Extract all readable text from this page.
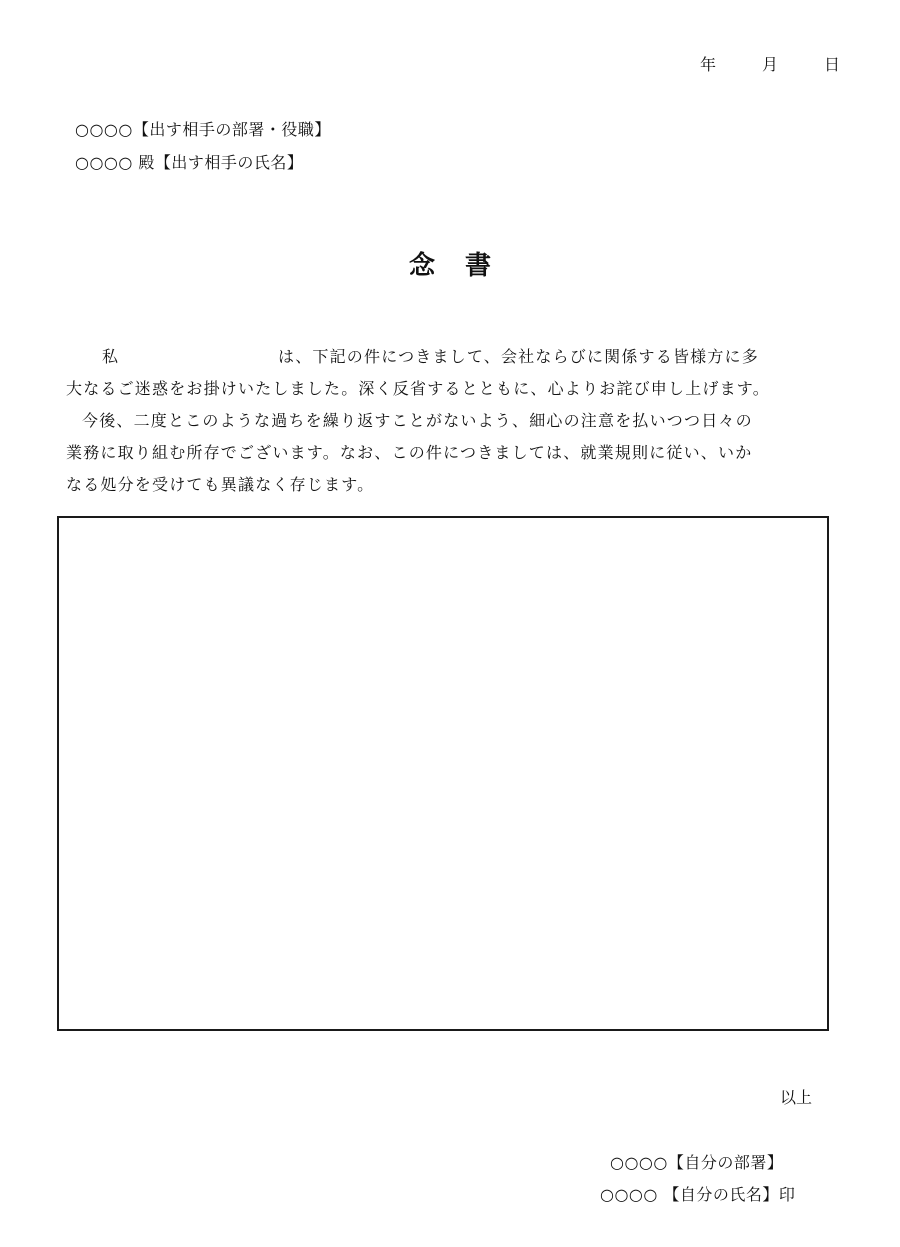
年	月	日
○○○○【出す相手の部署・役職】
○○○○ 殿【出す相手の氏名】
念書
私	は、下記の件につきまして、会社ならびに関係する皆様方に多
大なるご迷惑をお掛けいたしました。深く反省するとともに、心よりお詫び申し上げます。
今後、二度とこのような過ちを繰り返すことがないよう、細心の注意を払いつつ日々の
業務に取り組む所存でございます。なお、この件につきましては、就業規則に従い、いか
なる処分を受けても異議なく存じます。
以上
○○○○【自分の部署】
○○○○ 【自分の氏名】印
